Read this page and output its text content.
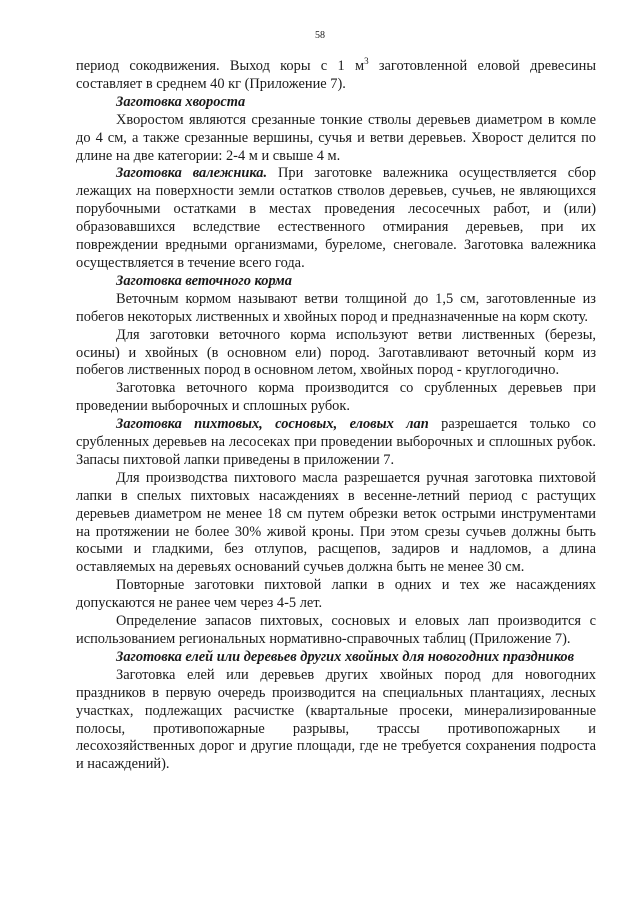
58

период сокодвижения. Выход коры с 1 $м^3$ заготовленной еловой древесины составляет в среднем 40 кг (Приложение 7).

Заготовка хвороста

Хворостом являются срезанные тонкие стволы деревьев диаметром в комле до 4 см, а также срезанные вершины, сучья и ветви деревьев. Хворост делится по длине на две категории: 2-4 м и свыше 4 м.

Заготовка валежника. При заготовке валежника осуществляется сбор лежащих на поверхности земли остатков стволов деревьев, сучьев, не являющихся порубочными остатками в местах проведения лесосечных работ, и (или) образовавшихся вследствие естественного отмирания деревьев, при их повреждении вредными организмами, буреломе, снеговале. Заготовка валежника осуществляется в течение всего года.

Заготовка веточного корма

Веточным кормом называют ветви толщиной до 1,5 см, заготовленные из побегов некоторых лиственных и хвойных пород и предназначенные на корм скоту.

Для заготовки веточного корма используют ветви лиственных (березы, осины) и хвойных (в основном ели) пород. Заготавливают веточный корм из побегов лиственных пород в основном летом, хвойных пород - круглогодично.

Заготовка веточного корма производится со срубленных деревьев при проведении выборочных и сплошных рубок.

Заготовка пихтовых, сосновых, еловых лап разрешается только со срубленных деревьев на лесосеках при проведении выборочных и сплошных рубок. Запасы пихтовой лапки приведены в приложении 7.

Для производства пихтового масла разрешается ручная заготовка пихтовой лапки в спелых пихтовых насаждениях в весенне-летний период с растущих деревьев диаметром не менее 18 см путем обрезки веток острыми инструментами на протяжении не более 30% живой кроны. При этом срезы сучьев должны быть косыми и гладкими, без отлупов, расщепов, задиров и надломов, а длина оставляемых на деревьях оснований сучьев должна быть не менее 30 см.

Повторные заготовки пихтовой лапки в одних и тех же насаждениях допускаются не ранее чем через 4-5 лет.

Определение запасов пихтовых, сосновых и еловых лап производится с использованием региональных нормативно-справочных таблиц (Приложение 7).

Заготовка елей или деревьев других хвойных для новогодних праздников

Заготовка елей или деревьев других хвойных пород для новогодних праздников в первую очередь производится на специальных плантациях, лесных участках, подлежащих расчистке (квартальные просеки, минерализированные полосы, противопожарные разрывы, трассы противопожарных и лесохозяйственных дорог и другие площади, где не требуется сохранения подроста и насаждений).
